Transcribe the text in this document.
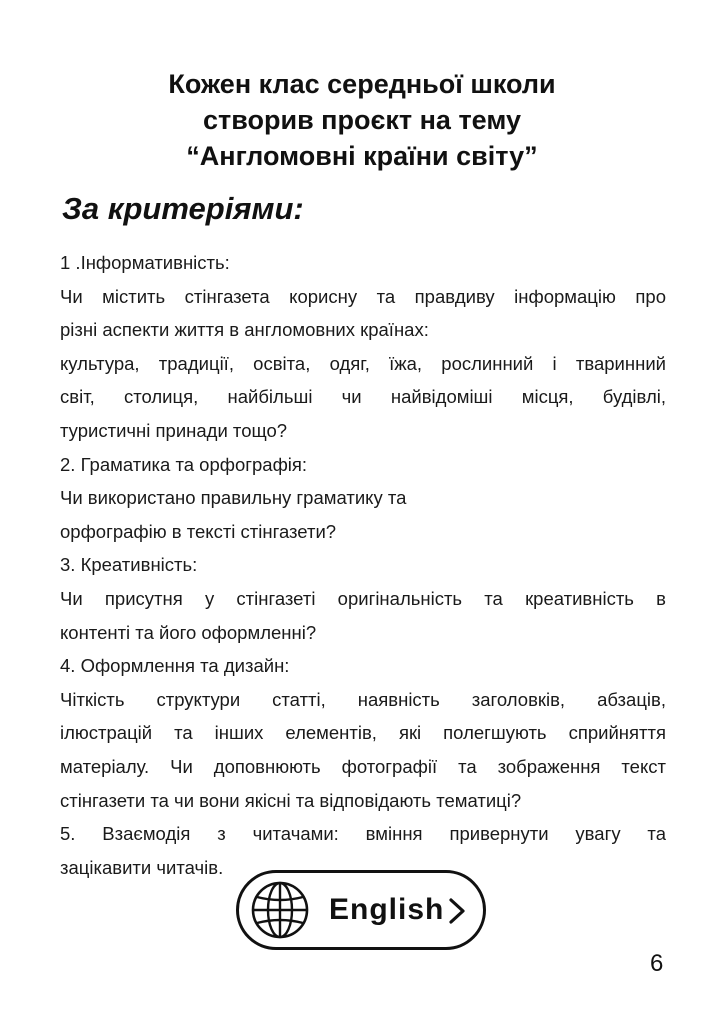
Кожен клас середньої школи
створив проєкт на тему
“Англомовні країни світу”
За критеріями:
1 .Інформативність:
Чи містить стінгазета корисну та правдиву інформацію про
різні аспекти життя в англомовних країнах:
культура, традиції, освіта, одяг, їжа, рослинний і тваринний
світ, столиця, найбільші чи найвідоміші місця, будівлі,
туристичні принади тощо?
2. Граматика та орфографія:
Чи використано правильну граматику та
орфографію в тексті стінгазети?
3. Креативність:
Чи присутня у стінгазеті оригінальність та креативність в
контенті та його оформленні?
4. Оформлення та дизайн:
Чіткість структури статті, наявність заголовків, абзаців,
ілюстрацій та інших елементів, які полегшують сприйняття
матеріалу. Чи доповнюють фотографії та зображення текст
стінгазети та чи вони якісні та відповідають тематиці?
5. Взаємодія з читачами: вміння привернути увагу та
зацікавити читачів.
English
6
